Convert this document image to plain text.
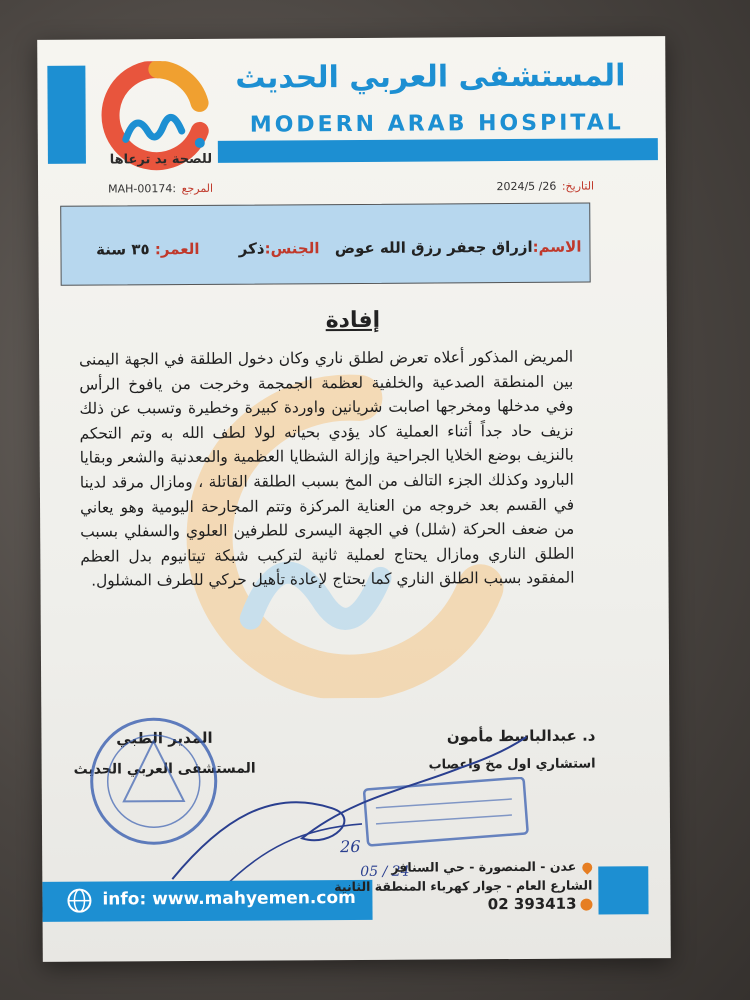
للصحة يد ترعاها
المستشفى العربي الحديث
MODERN ARAB HOSPITAL
MAH-00174: المرجع	التاريخ: 26/ 2024/5
الاسم:ازراق جعفر رزق الله عوض
الجنس:ذكر
العمر: ٣٥ سنة
إفادة
المريض المذكور أعلاه تعرض لطلق ناري وكان دخول الطلقة في الجهة اليمنى بين المنطقة الصدعية والخلفية لعظمة الجمجمة وخرجت من يافوخ الرأس وفي مدخلها ومخرجها اصابت شريانين واوردة كبيرة وخطيرة وتسبب عن ذلك نزيف حاد جداً أثناء العملية كاد يؤدي بحياته لولا لطف الله به وتم التحكم بالنزيف بوضع الخلايا الجراحية وإزالة الشظايا العظمية والمعدنية والشعر وبقايا البارود وكذلك الجزء التالف من المخ بسبب الطلقة القاتلة ، ومازال مرقد لدينا في القسم بعد خروجه من العناية المركزة وتتم المجارحة اليومية وهو يعاني من ضعف الحركة (شلل) في الجهة اليسرى للطرفين العلوي والسفلي بسبب الطلق الناري ومازال يحتاج لعملية ثانية لتركيب شبكة تيتانيوم بدل العظم المفقود بسبب الطلق الناري كما يحتاج لإعادة تأهيل حركي للطرف المشلول.
د. عبدالباسط مأمون
استشاري اول مخ واعصاب
المدير الطبي
المستشفى العربي الحديث
26
05 / 24
info: www.mahyemen.com
عدن - المنصورة - حي السنافر
الشارع العام - جوار كهرباء المنطقة الثانية
02 393413
